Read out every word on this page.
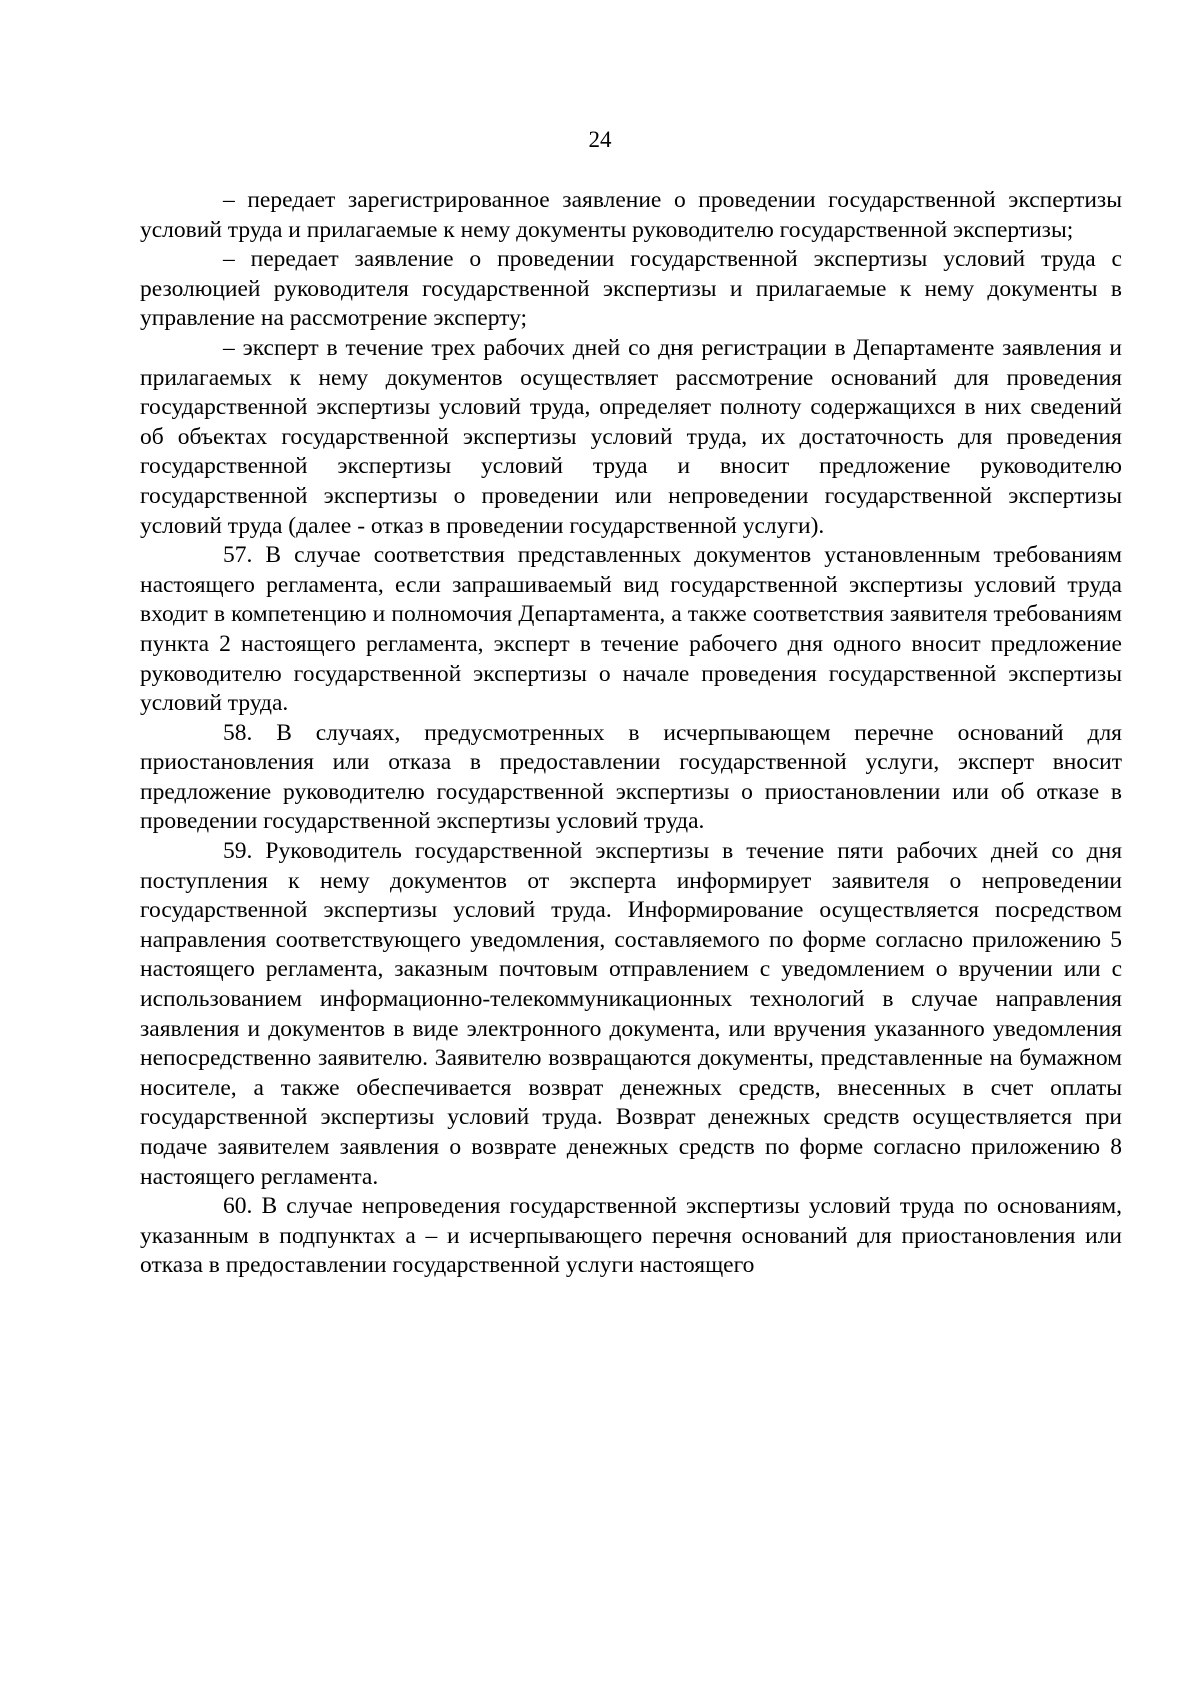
24

– передает зарегистрированное заявление о проведении государственной экспертизы условий труда и прилагаемые к нему документы руководителю государственной экспертизы;

– передает заявление о проведении государственной экспертизы условий труда с резолюцией руководителя государственной экспертизы и прилагаемые к нему документы в управление на рассмотрение эксперту;

– эксперт в течение трех рабочих дней со дня регистрации в Департаменте заявления и прилагаемых к нему документов осуществляет рассмотрение оснований для проведения государственной экспертизы условий труда, определяет полноту содержащихся в них сведений об объектах государственной экспертизы условий труда, их достаточность для проведения государственной экспертизы условий труда и вносит предложение руководителю государственной экспертизы о проведении или непроведении государственной экспертизы условий труда (далее - отказ в проведении государственной услуги).

57. В случае соответствия представленных документов установленным требованиям настоящего регламента, если запрашиваемый вид государственной экспертизы условий труда входит в компетенцию и полномочия Департамента, а также соответствия заявителя требованиям пункта 2 настоящего регламента, эксперт в течение рабочего дня одного вносит предложение руководителю государственной экспертизы о начале проведения государственной экспертизы условий труда.

58. В случаях, предусмотренных в исчерпывающем перечне оснований для приостановления или отказа в предоставлении государственной услуги, эксперт вносит предложение руководителю государственной экспертизы о приостановлении или об отказе в проведении государственной экспертизы условий труда.

59. Руководитель государственной экспертизы в течение пяти рабочих дней со дня поступления к нему документов от эксперта информирует заявителя о непроведении государственной экспертизы условий труда. Информирование осуществляется посредством направления соответствующего уведомления, составляемого по форме согласно приложению 5 настоящего регламента, заказным почтовым отправлением с уведомлением о вручении или с использованием информационно-телекоммуникационных технологий в случае направления заявления и документов в виде электронного документа, или вручения указанного уведомления непосредственно заявителю. Заявителю возвращаются документы, представленные на бумажном носителе, а также обеспечивается возврат денежных средств, внесенных в счет оплаты государственной экспертизы условий труда. Возврат денежных средств осуществляется при подаче заявителем заявления о возврате денежных средств по форме согласно приложению 8 настоящего регламента.

60. В случае непроведения государственной экспертизы условий труда по основаниям, указанным в подпунктах а – и исчерпывающего перечня оснований для приостановления или отказа в предоставлении государственной услуги настоящего
